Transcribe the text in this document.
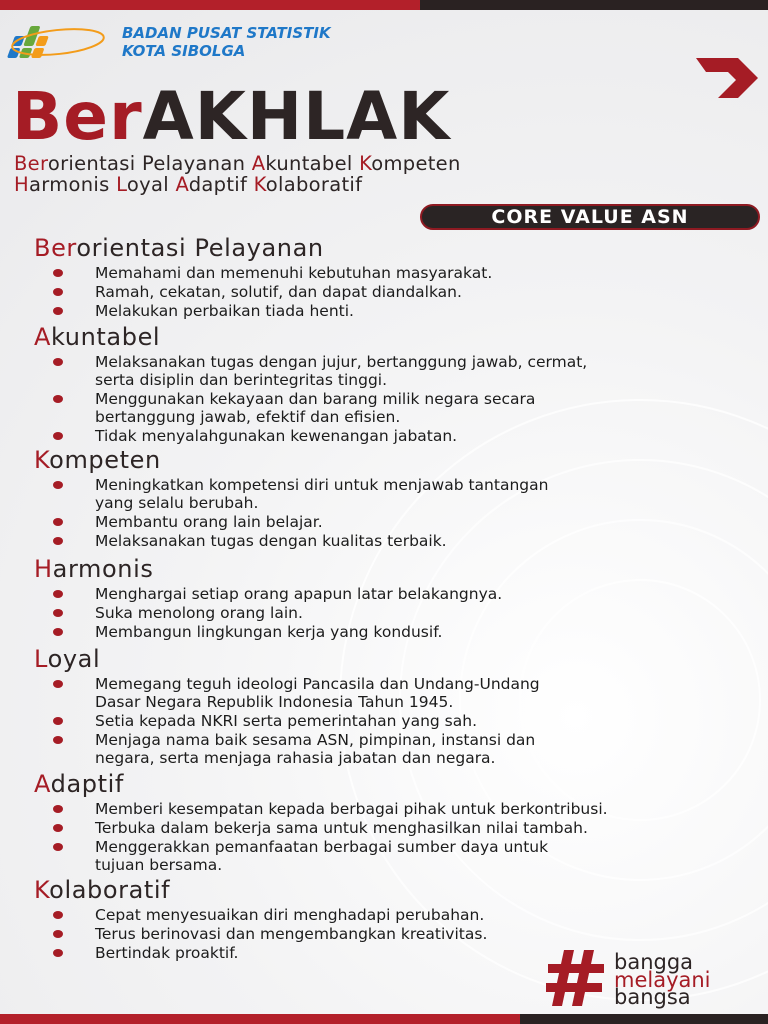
BADAN PUSAT STATISTIK
KOTA SIBOLGA
BerAKHLAK
Berorientasi Pelayanan Akuntabel Kompeten
Harmonis Loyal Adaptif Kolaboratif
CORE VALUE ASN
Berorientasi Pelayanan
Memahami dan memenuhi kebutuhan masyarakat.
Ramah, cekatan, solutif, dan dapat diandalkan.
Melakukan perbaikan tiada henti.
Akuntabel
Melaksanakan tugas dengan jujur, bertanggung jawab, cermat,
serta disiplin dan berintegritas tinggi.
Menggunakan kekayaan dan barang milik negara secara
bertanggung jawab, efektif dan efisien.
Tidak menyalahgunakan kewenangan jabatan.
Kompeten
Meningkatkan kompetensi diri untuk menjawab tantangan
yang selalu berubah.
Membantu orang lain belajar.
Melaksanakan tugas dengan kualitas terbaik.
Harmonis
Menghargai setiap orang apapun latar belakangnya.
Suka menolong orang lain.
Membangun lingkungan kerja yang kondusif.
Loyal
Memegang teguh ideologi Pancasila dan Undang-Undang
Dasar Negara Republik Indonesia Tahun 1945.
Setia kepada NKRI serta pemerintahan yang sah.
Menjaga nama baik sesama ASN, pimpinan, instansi dan
negara, serta menjaga rahasia jabatan dan negara.
Adaptif
Memberi kesempatan kepada berbagai pihak untuk berkontribusi.
Terbuka dalam bekerja sama untuk menghasilkan nilai tambah.
Menggerakkan pemanfaatan berbagai sumber daya untuk
tujuan bersama.
Kolaboratif
Cepat menyesuaikan diri menghadapi perubahan.
Terus berinovasi dan mengembangkan kreativitas.
Bertindak proaktif.	bangga
melayani
bangsa
